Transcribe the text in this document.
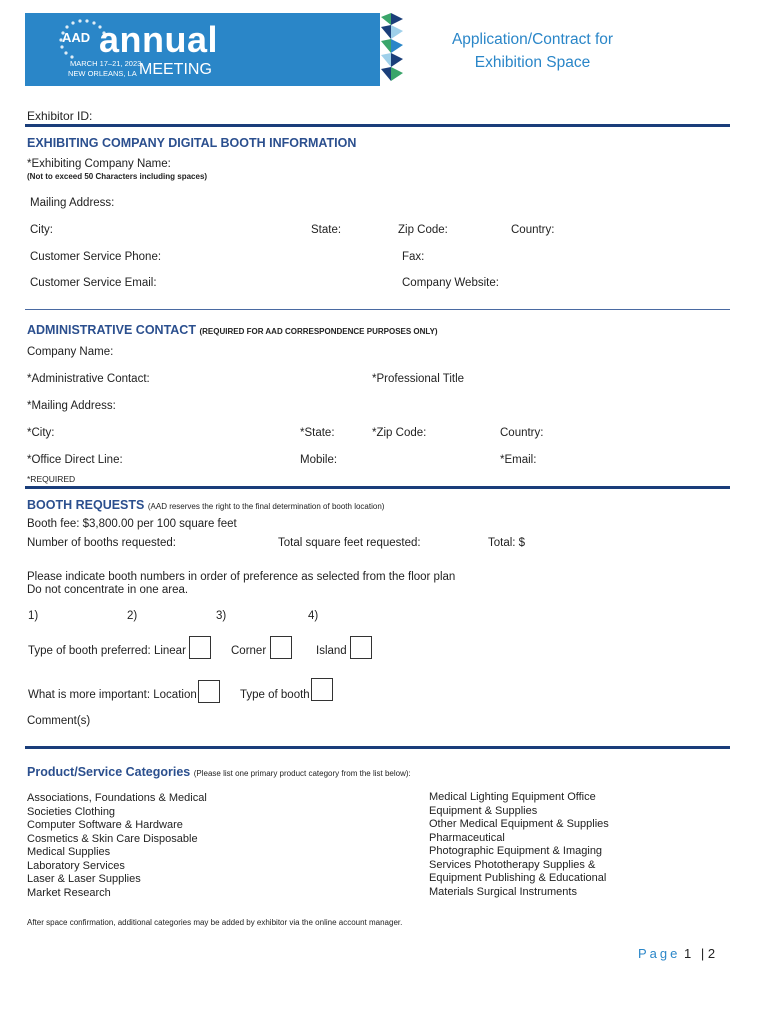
AAD annual
MARCH 17–21, 2023
NEW ORLEANS, LA MEETING
Application/Contract for
Exhibition Space
Exhibitor ID:
EXHIBITING COMPANY DIGITAL BOOTH INFORMATION
*Exhibiting Company Name:
(Not to exceed 50 Characters including spaces)
Mailing Address:
City:	State:	Zip Code:	Country:
Customer Service Phone:	Fax:
Customer Service Email:	Company Website:
ADMINISTRATIVE CONTACT (REQUIRED FOR AAD CORRESPONDENCE PURPOSES ONLY)
Company Name:
*Administrative Contact:	*Professional Title
*Mailing Address:
*City:	*State:	*Zip Code:	Country:
*Office Direct Line:	Mobile:	*Email:
*REQUIRED
BOOTH REQUESTS (AAD reserves the right to the final determination of booth location)
Booth fee: $3,800.00 per 100 square feet
Number of booths requested:	Total square feet requested:	Total: $
Please indicate booth numbers in order of preference as selected from the floor plan
Do not concentrate in one area.
1)	2)	3)	4)
Type of booth preferred: Linear	Corner	Island
What is more important: Location	Type of booth
Comment(s)
Product/Service Categories (Please list one primary product category from the list below):
Associations, Foundations & Medical
Societies Clothing
Computer Software & Hardware
Cosmetics & Skin Care Disposable
Medical Supplies
Laboratory Services
Laser & Laser Supplies
Market Research
Medical Lighting Equipment Office
Equipment & Supplies
Other Medical Equipment & Supplies
Pharmaceutical
Photographic Equipment & Imaging
Services Phototherapy Supplies &
Equipment Publishing & Educational
Materials Surgical Instruments
After space confirmation, additional categories may be added by exhibitor via the online account manager.
Page 1 | 2
